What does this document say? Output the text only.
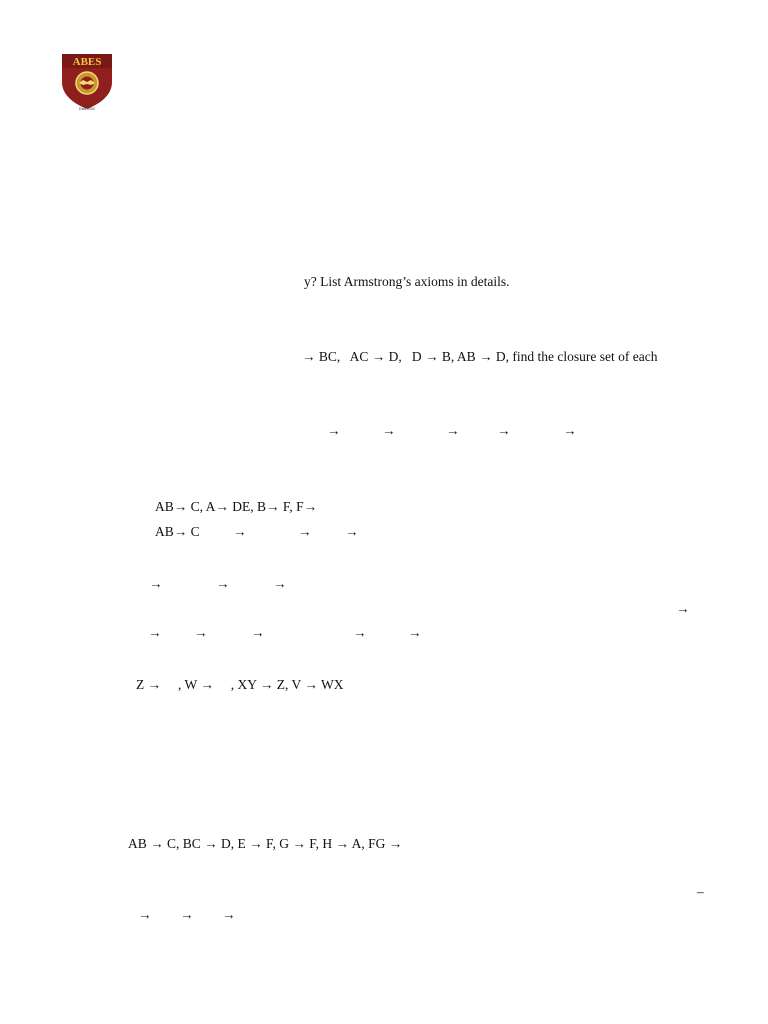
ABES
Estd 2000
y? List Armstrong’s axioms in details.
→ BC,   AC → D,   D → B, AB → D, find the closure set of each
→	→	→	→	→
AB→ C, A→ DE, B→ F, F→
AB→ C →	→ →
→	→	→
→
→ →	→	→	→
Z →     , W →     , XY → Z, V → WX
AB → C, BC → D, E → F, G → F, H → A, FG →
–
→ → →
